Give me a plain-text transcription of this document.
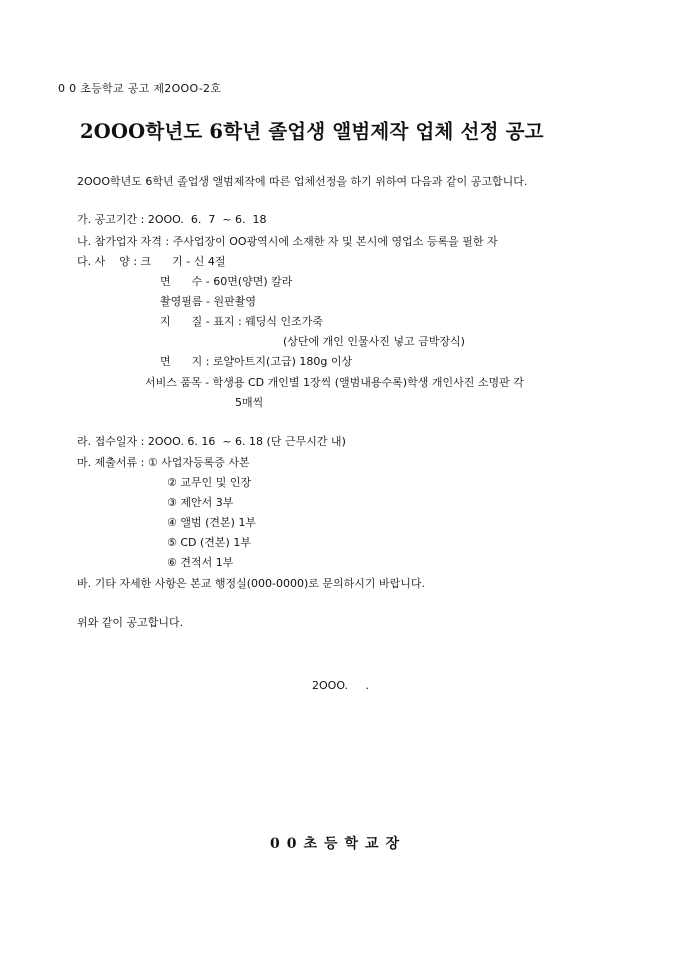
0 0 초등학교 공고 제2OOO-2호
2OOO학년도 6학년 졸업생 앨범제작 업체 선정 공고
2OOO학년도 6학년 졸업생 앨범제작에 따른 업체선정을 하기 위하여 다음과 같이 공고합니다.
가. 공고기간 : 2OOO.  6.  7  ~ 6.  18
나. 참가업자 자격 : 주사업장이 OO광역시에 소재한 자 및 본시에 영업소 등록을 필한 자
다. 사    양 : 크      기 - 신 4절
면      수 - 60면(양면) 칼라
촬영필름 - 원판촬영
지      질 - 표지 : 웨딩식 인조가죽
(상단에 개인 인물사진 넣고 금박장식)
면      지 : 로얄아트지(고급) 180g 이상
서비스 품목 - 학생용 CD 개인별 1장씩 (앨범내용수록)학생 개인사진 소명판 각
5매씩
라. 접수일자 : 2OOO. 6. 16  ~ 6. 18 (단 근무시간 내)
마. 제출서류 : ① 사업자등록증 사본
② 교무인 및 인장
③ 제안서 3부
④ 앨범 (견본) 1부
⑤ CD (견본) 1부
⑥ 견적서 1부
바. 기타 자세한 사항은 본교 행정실(000-0000)로 문의하시기 바랍니다.
위와 같이 공고합니다.
2OOO.     .
00초등학교장
